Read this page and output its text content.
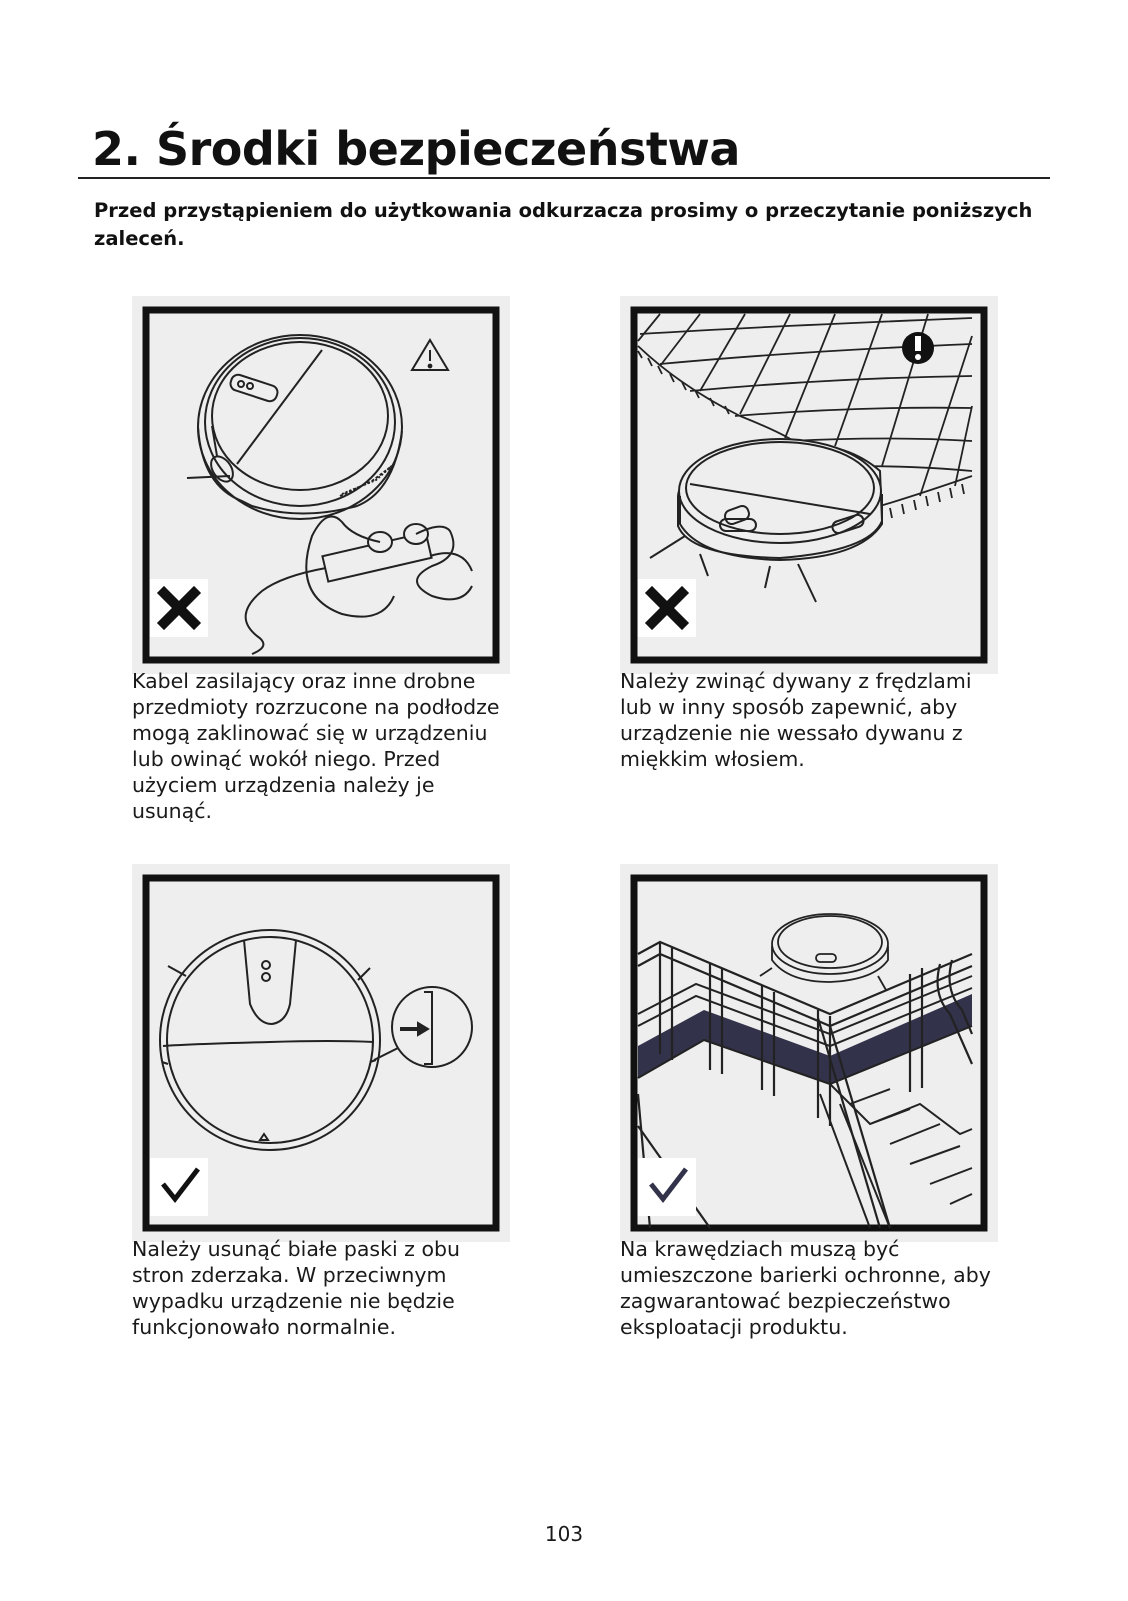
2. Środki bezpieczeństwa

Przed przystąpieniem do użytkowania odkurzacza prosimy o przeczytanie poniższych zaleceń.

Kabel zasilający oraz inne drobne przedmioty rozrzucone na podłodze mogą zaklinować się w urządzeniu lub owinąć wokół niego. Przed użyciem urządzenia należy je usunąć.

Należy zwinąć dywany z frędzlami lub w inny sposób zapewnić, aby urządzenie nie wessało dywanu z miękkim włosiem.

Należy usunąć białe paski z obu stron zderzaka. W przeciwnym wypadku urządzenie nie będzie funkcjonowało normalnie.

Na krawędziach muszą być umieszczone barierki ochronne, aby zagwarantować bezpieczeństwo eksploatacji produktu.

103
